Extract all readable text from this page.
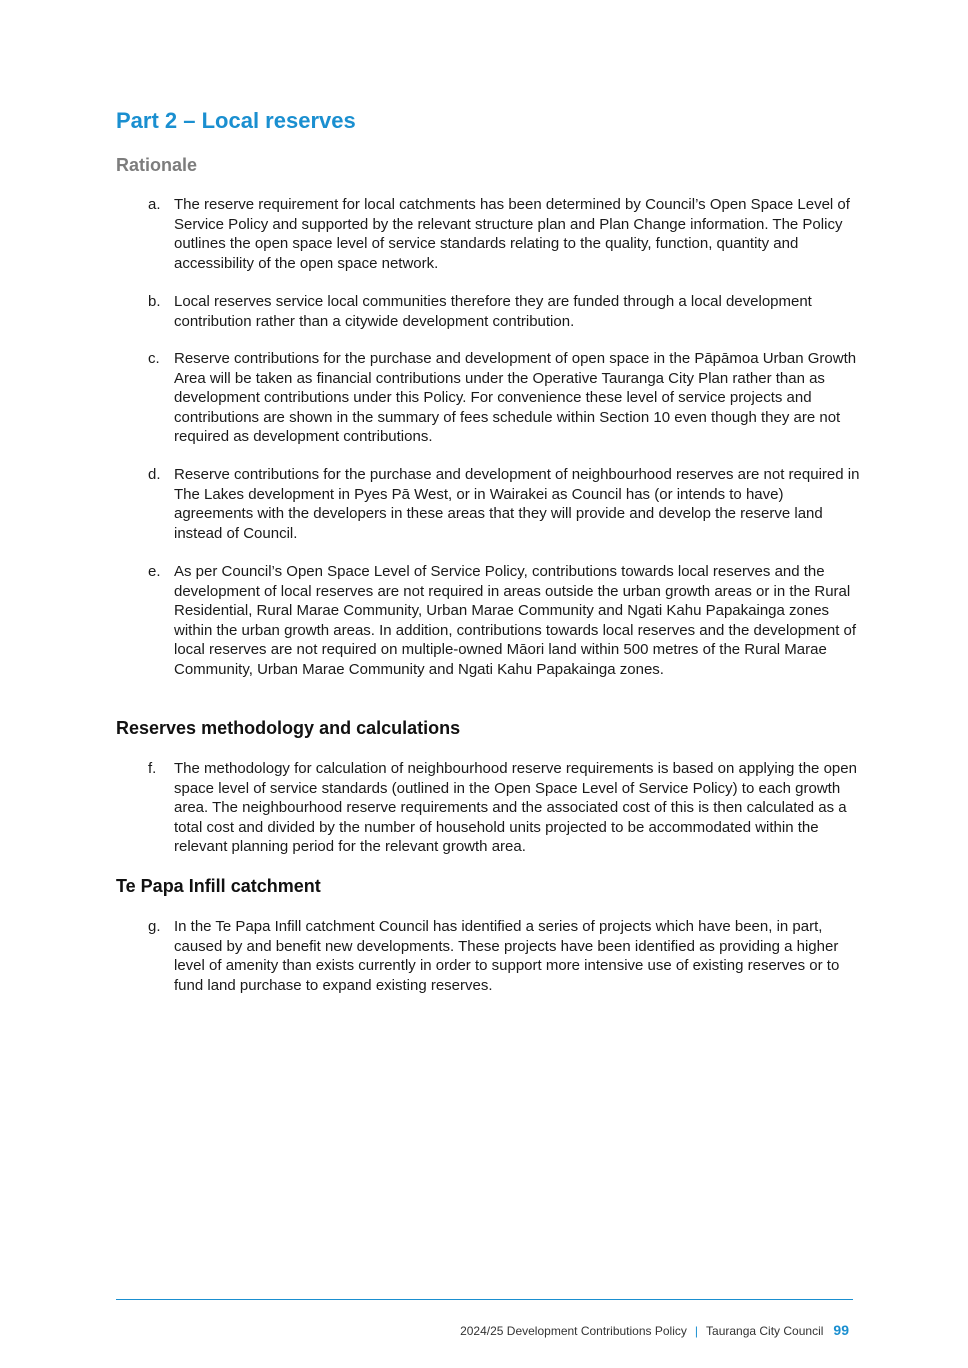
Part 2 – Local reserves
Rationale
a. The reserve requirement for local catchments has been determined by Council’s Open Space Level of Service Policy and supported by the relevant structure plan and Plan Change information. The Policy outlines the open space level of service standards relating to the quality, function, quantity and accessibility of the open space network.
b. Local reserves service local communities therefore they are funded through a local development contribution rather than a citywide development contribution.
c. Reserve contributions for the purchase and development of open space in the Pāpāmoa Urban Growth Area will be taken as financial contributions under the Operative Tauranga City Plan rather than as development contributions under this Policy. For convenience these level of service projects and contributions are shown in the summary of fees schedule within Section 10 even though they are not required as development contributions.
d. Reserve contributions for the purchase and development of neighbourhood reserves are not required in The Lakes development in Pyes Pā West, or in Wairakei as Council has (or intends to have) agreements with the developers in these areas that they will provide and develop the reserve land instead of Council.
e. As per Council’s Open Space Level of Service Policy, contributions towards local reserves and the development of local reserves are not required in areas outside the urban growth areas or in the Rural Residential, Rural Marae Community, Urban Marae Community and Ngati Kahu Papakainga zones within the urban growth areas. In addition, contributions towards local reserves and the development of local reserves are not required on multiple-owned Māori land within 500 metres of the Rural Marae Community, Urban Marae Community and Ngati Kahu Papakainga zones.
Reserves methodology and calculations
f.	The methodology for calculation of neighbourhood reserve requirements is based on applying the open space level of service standards (outlined in the Open Space Level of Service Policy) to each growth area. The neighbourhood reserve requirements and the associated cost of this is then calculated as a total cost and divided by the number of household units projected to be accommodated within the relevant planning period for the relevant growth area.
Te Papa Infill catchment
g. In the Te Papa Infill catchment Council has identified a series of projects which have been, in part, caused by and benefit new developments. These projects have been identified as providing a higher level of amenity than exists currently in order to support more intensive use of existing reserves or to fund land purchase to expand existing reserves.
2024/25 Development Contributions Policy | Tauranga City Council 99
